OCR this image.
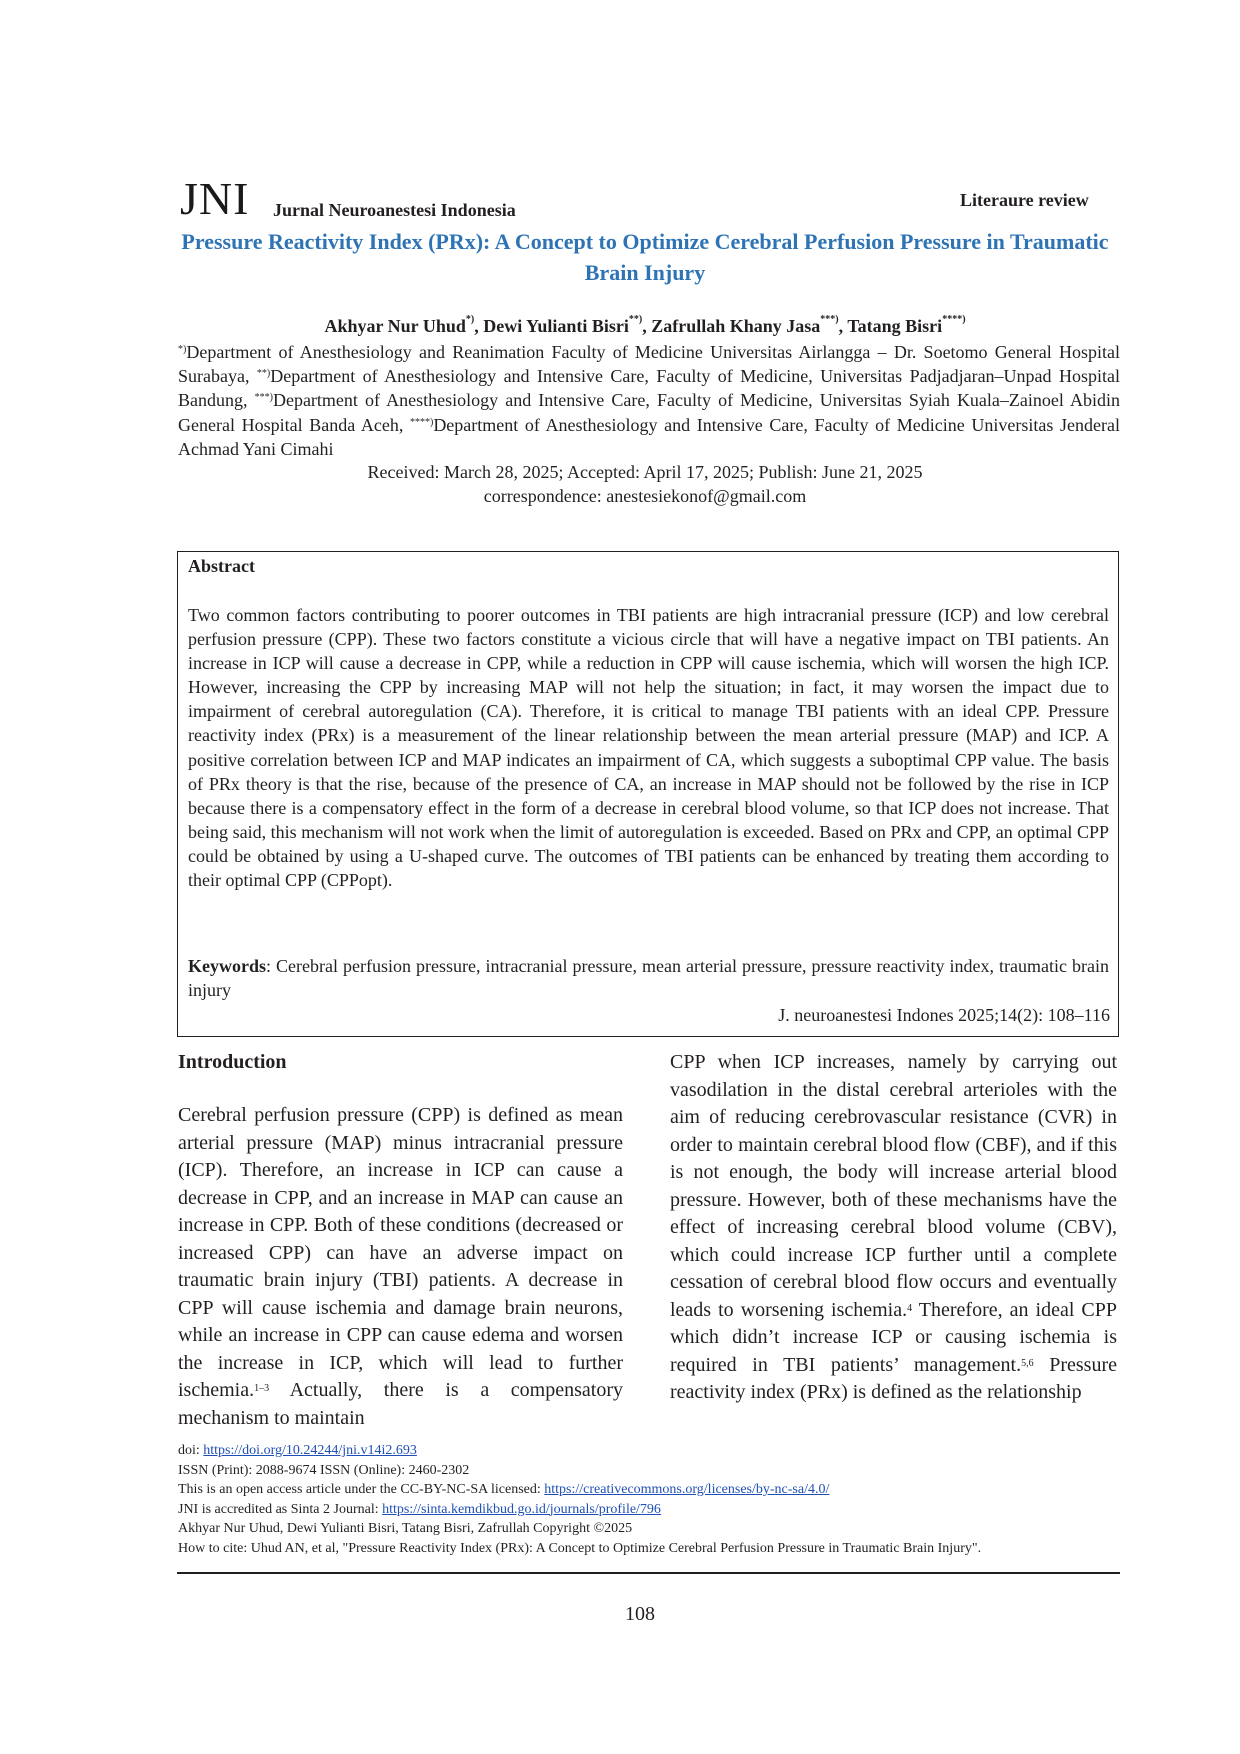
JNI Jurnal Neuroanestesi Indonesia	Literaure review
Pressure Reactivity Index (PRx): A Concept to Optimize Cerebral Perfusion Pressure in Traumatic Brain Injury
Akhyar Nur Uhud*), Dewi Yulianti Bisri**), Zafrullah Khany Jasa***), Tatang Bisri****)

*)Department of Anesthesiology and Reanimation Faculty of Medicine Universitas Airlangga – Dr. Soetomo General Hospital Surabaya, **)Department of Anesthesiology and Intensive Care, Faculty of Medicine, Universitas Padjadjaran–Unpad Hospital Bandung, ***)Department of Anesthesiology and Intensive Care, Faculty of Medicine, Universitas Syiah Kuala–Zainoel Abidin General Hospital Banda Aceh, ****)Department of Anesthesiology and Intensive Care, Faculty of Medicine Universitas Jenderal Achmad Yani Cimahi

Received: March 28, 2025; Accepted: April 17, 2025; Publish: June 21, 2025
correspondence: anestesiekonof@gmail.com
Abstract

Two common factors contributing to poorer outcomes in TBI patients are high intracranial pressure (ICP) and low cerebral perfusion pressure (CPP). These two factors constitute a vicious circle that will have a negative impact on TBI patients. An increase in ICP will cause a decrease in CPP, while a reduction in CPP will cause ischemia, which will worsen the high ICP. However, increasing the CPP by increasing MAP will not help the situation; in fact, it may worsen the impact due to impairment of cerebral autoregulation (CA). Therefore, it is critical to manage TBI patients with an ideal CPP. Pressure reactivity index (PRx) is a measurement of the linear relationship between the mean arterial pressure (MAP) and ICP. A positive correlation between ICP and MAP indicates an impairment of CA, which suggests a suboptimal CPP value. The basis of PRx theory is that the rise, because of the presence of CA, an increase in MAP should not be followed by the rise in ICP because there is a compensatory effect in the form of a decrease in cerebral blood volume, so that ICP does not increase. That being said, this mechanism will not work when the limit of autoregulation is exceeded. Based on PRx and CPP, an optimal CPP could be obtained by using a U-shaped curve. The outcomes of TBI patients can be enhanced by treating them according to their optimal CPP (CPPopt).

Keywords: Cerebral perfusion pressure, intracranial pressure, mean arterial pressure, pressure reactivity index, traumatic brain injury

J. neuroanestesi Indones 2025;14(2): 108–116
Introduction

Cerebral perfusion pressure (CPP) is defined as mean arterial pressure (MAP) minus intracranial pressure (ICP). Therefore, an increase in ICP can cause a decrease in CPP, and an increase in MAP can cause an increase in CPP. Both of these conditions (decreased or increased CPP) can have an adverse impact on traumatic brain injury (TBI) patients. A decrease in CPP will cause ischemia and damage brain neurons, while an increase in CPP can cause edema and worsen the increase in ICP, which will lead to further ischemia.$^{1-3}$ Actually, there is a compensatory mechanism to maintain

CPP when ICP increases, namely by carrying out vasodilation in the distal cerebral arterioles with the aim of reducing cerebrovascular resistance (CVR) in order to maintain cerebral blood flow (CBF), and if this is not enough, the body will increase arterial blood pressure. However, both of these mechanisms have the effect of increasing cerebral blood volume (CBV), which could increase ICP further until a complete cessation of cerebral blood flow occurs and eventually leads to worsening ischemia.$^4$ Therefore, an ideal CPP which didn’t increase ICP or causing ischemia is required in TBI patients’ management.$^{5,6}$ Pressure reactivity index (PRx) is defined as the relationship

doi: https://doi.org/10.24244/jni.v14i2.693
ISSN (Print): 2088-9674 ISSN (Online): 2460-2302
This is an open access article under the CC-BY-NC-SA licensed: https://creativecommons.org/licenses/by-nc-sa/4.0/
JNI is accredited as Sinta 2 Journal: https://sinta.kemdikbud.go.id/journals/profile/796
Akhyar Nur Uhud, Dewi Yulianti Bisri, Tatang Bisri, Zafrullah Copyright ©2025
How to cite: Uhud AN, et al, "Pressure Reactivity Index (PRx): A Concept to Optimize Cerebral Perfusion Pressure in Traumatic Brain Injury".
108
